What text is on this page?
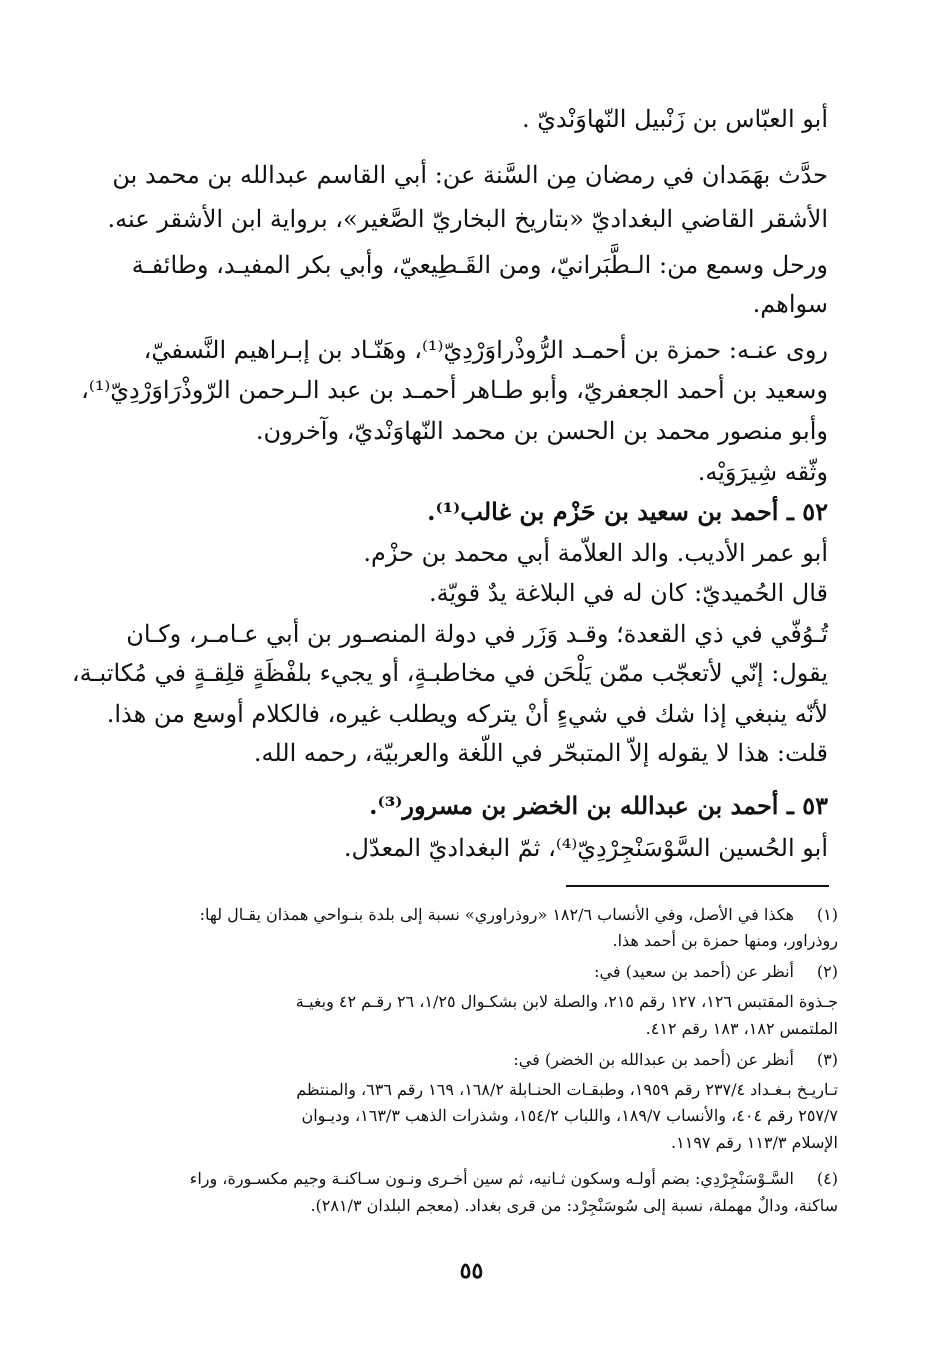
أبو العبّاس بن زَنْبيل النّهاوَنْديّ .
حدَّث بهَمَدان في رمضان مِن السَّنة عن: أبي القاسم عبدالله بن محمد بن
الأشقر القاضي البغداديّ «بتاريخ البخاريّ الصَّغير»، برواية ابن الأشقر عنه.
ورحل وسمع من: الـطَّبَرانيّ، ومن القَـطِيعيّ، وأبي بكر المفيـد، وطائفـة
سواهم.
روى عنـه: حمزة بن أحمـد الرُّوذْراوَرْدِيّ⁽¹⁾، وهَنّـاد بن إبـراهيم النَّسفيّ،
وسعيد بن أحمد الجعفريّ، وأبو طـاهر أحمـد بن عبد الـرحمن الرّوذْرَاوَرْدِيّ⁽¹⁾،
وأبو منصور محمد بن الحسن بن محمد النّهاوَنْديّ، وآخرون.
وثّقه شِيرَوَيْه.
٥٢ ـ أحمد بن سعيد بن حَزْم بن غالب⁽¹⁾.
أبو عمر الأديب. والد العلاّمة أبي محمد بن حزْم.
قال الحُميديّ: كان له في البلاغة يدٌ قويّة.
تُـوُفّي في ذي القعدة؛ وقـد وَزَر في دولة المنصـور بن أبي عـامـر، وكـان
يقول: إنّي لأتعجّب ممّن يَلْحَن في مخاطبـةٍ، أو يجيء بلفْظَةٍ قلِقـةٍ في مُكاتبـة،
لأنّه ينبغي إذا شك في شيءٍ أنْ يتركه ويطلب غيره، فالكلام أوسع من هذا.
قلت: هذا لا يقوله إلاّ المتبحّر في اللّغة والعربيّة، رحمه الله.
٥٣ ـ أحمد بن عبدالله بن الخضر بن مسرور⁽³⁾.
أبو الحُسين السَّوْسَنْجِرْدِيّ⁽⁴⁾، ثمّ البغداديّ المعدّل.
(١)هكذا في الأصل، وفي الأنساب ١٨٢/٦ «روذراوري» نسبة إلى بلدة بنـواحي همذان يقـال لها:
روذراور، ومنها حمزة بن أحمد هذا.
(٢)أنظر عن (أحمد بن سعيد) في:
جـذوة المقتبس ١٢٦، ١٢٧ رقم ٢١٥، والصلة لابن بشكـوال ١/٢٥، ٢٦ رقـم ٤٢ وبغيـة
الملتمس ١٨٢، ١٨٣ رقم ٤١٢.
(٣)أنظر عن (أحمد بن عبدالله بن الخضر) في:
تـاريـخ بـغـداد ٢٣٧/٤ رقم ١٩٥٩، وطبقـات الحنـابلة ١٦٨/٢، ١٦٩ رقم ٦٣٦، والمنتظم
٢٥٧/٧ رقم ٤٠٤، والأنساب ١٨٩/٧، واللباب ١٥٤/٢، وشذرات الذهب ١٦٣/٣، وديـوان
الإسلام ١١٣/٣ رقم ١١٩٧.
(٤)السَّـوْسَنْجِرْدِي: بضم أولـه وسكون ثـانيه، ثم سين أخـرى ونـون سـاكنـة وجيم مكسـورة، وراء
ساكنة، ودالٌ مهملة، نسبة إلى سُوسَنْجِرْد: من قرى بغداد. (معجم البلدان ٢٨١/٣).
٥٥
